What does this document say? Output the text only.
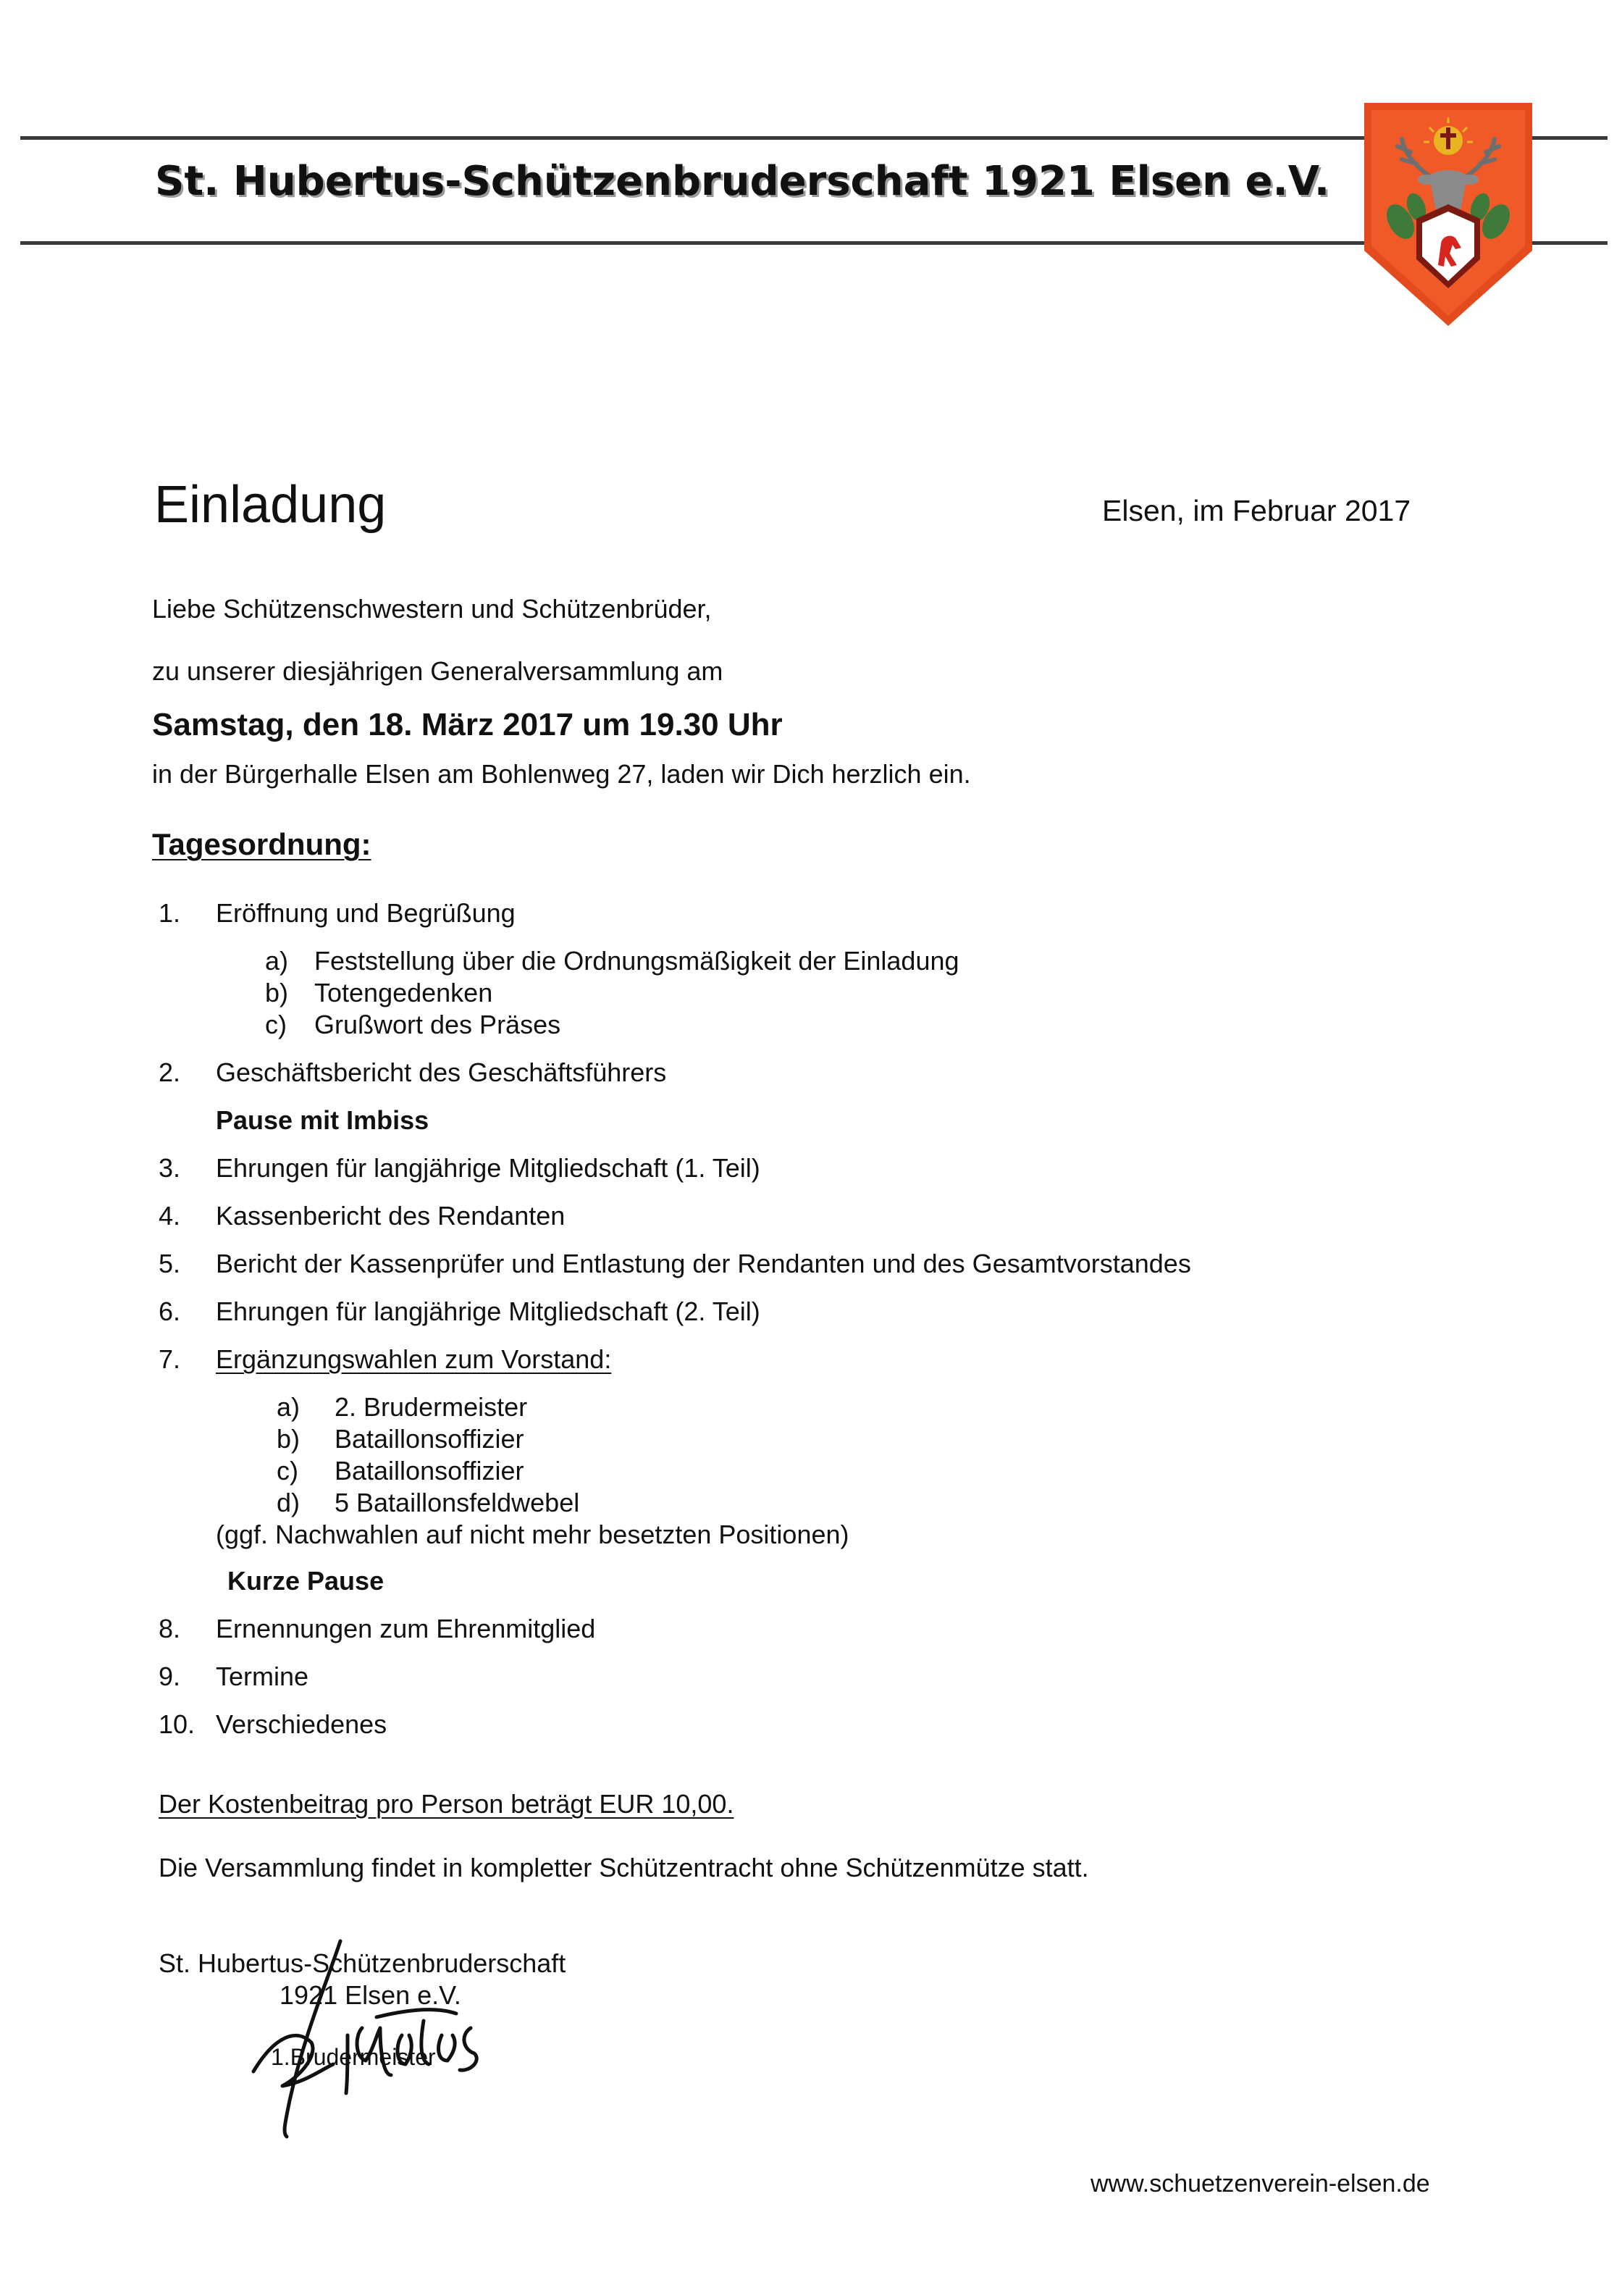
St. Hubertus-Schützenbruderschaft 1921 Elsen e.V.
Einladung	Elsen, im Februar 2017
Liebe Schützenschwestern und Schützenbrüder,
zu unserer diesjährigen Generalversammlung am
Samstag, den 18. März 2017 um 19.30 Uhr
in der Bürgerhalle Elsen am Bohlenweg 27, laden wir Dich herzlich ein.
Tagesordnung:
1. Eröffnung und Begrüßung
a) Feststellung über die Ordnungsmäßigkeit der Einladung
b) Totengedenken
c) Grußwort des Präses
2. Geschäftsbericht des Geschäftsführers
Pause mit Imbiss
3. Ehrungen für langjährige Mitgliedschaft (1. Teil)
4. Kassenbericht des Rendanten
5. Bericht der Kassenprüfer und Entlastung der Rendanten und des Gesamtvorstandes
6. Ehrungen für langjährige Mitgliedschaft (2. Teil)
7. Ergänzungswahlen zum Vorstand:
a) 2. Brudermeister
b) Bataillonsoffizier
c) Bataillonsoffizier
d) 5 Bataillonsfeldwebel
(ggf. Nachwahlen auf nicht mehr besetzten Positionen)
Kurze Pause
8. Ernennungen zum Ehrenmitglied
9. Termine
10. Verschiedenes
Der Kostenbeitrag pro Person beträgt EUR 10,00.
Die Versammlung findet in kompletter Schützentracht ohne Schützenmütze statt.
St. Hubertus-Schützenbruderschaft
1921 Elsen e.V.
1.Brudermeister
www.schuetzenverein-elsen.de
